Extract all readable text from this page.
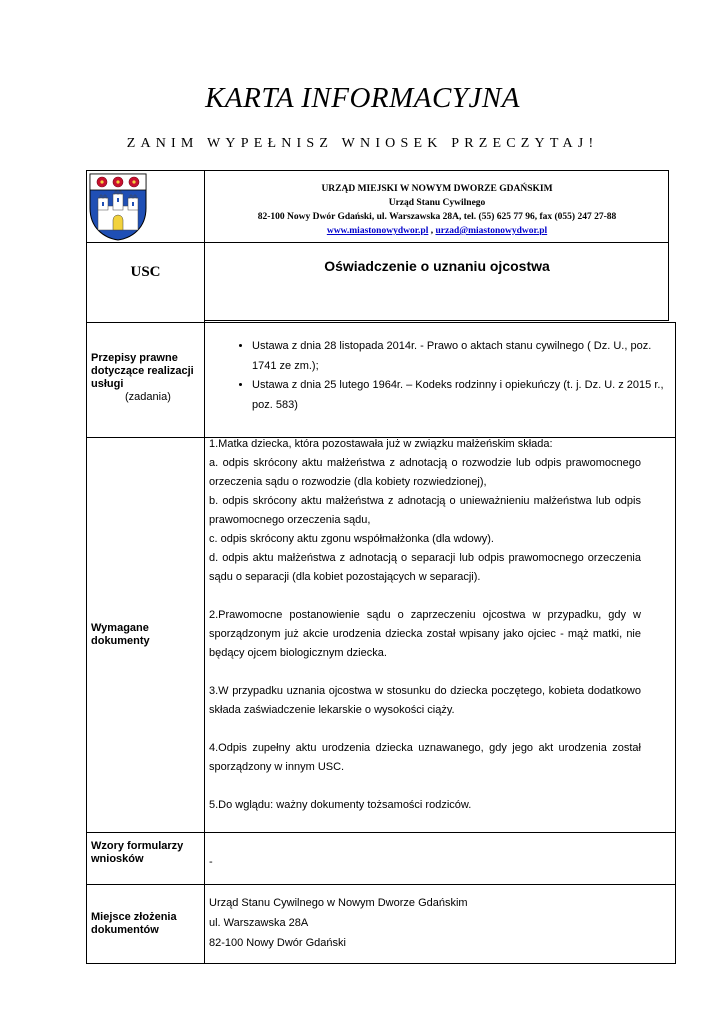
KARTA INFORMACYJNA
ZANIM WYPEŁNISZ WNIOSEK PRZECZYTAJ!
URZĄD MIEJSKI W NOWYM DWORZE GDAŃSKIM
Urząd Stanu Cywilnego
82-100 Nowy Dwór Gdański, ul. Warszawska 28A, tel. (55) 625 77 96, fax (055) 247 27-88
www.miastonowydwor.pl , urzad@miastonowydwor.pl
USC	Oświadczenie o uznaniu ojcostwa
Przepisy prawne dotyczące realizacji usługi
(zadania)
• Ustawa z dnia 28 listopada 2014r. - Prawo o aktach stanu cywilnego ( Dz. U., poz. 1741 ze zm.);
• Ustawa z dnia 25 lutego 1964r. – Kodeks rodzinny i opiekuńczy (t. j. Dz. U. z 2015 r., poz. 583)
Wymagane dokumenty

1.Matka dziecka, która pozostawała już w związku małżeńskim składa:

a. odpis skrócony aktu małżeństwa z adnotacją o rozwodzie lub odpis prawomocnego orzeczenia sądu o rozwodzie (dla kobiety rozwiedzionej),

b. odpis skrócony aktu małżeństwa z adnotacją o unieważnieniu małżeństwa lub odpis prawomocnego orzeczenia sądu,

c. odpis skrócony aktu zgonu współmałżonka (dla wdowy).

d. odpis aktu małżeństwa z adnotacją o separacji lub odpis prawomocnego orzeczenia sądu o separacji (dla kobiet pozostających w separacji).

2.Prawomocne postanowienie sądu o zaprzeczeniu ojcostwa w przypadku, gdy w sporządzonym już akcie urodzenia dziecka został wpisany jako ojciec - mąż matki, nie będący ojcem biologicznym dziecka.

3.W przypadku uznania ojcostwa w stosunku do dziecka poczętego, kobieta dodatkowo składa zaświadczenie lekarskie o wysokości ciąży.

4.Odpis zupełny aktu urodzenia dziecka uznawanego, gdy jego akt urodzenia został sporządzony w innym USC.

5.Do wglądu: ważny dokumenty tożsamości rodziców.

Wzory formularzy wniosków	-
Miejsce złożenia dokumentów
Urząd Stanu Cywilnego w Nowym Dworze Gdańskim
ul. Warszawska 28A
82-100 Nowy Dwór Gdański
